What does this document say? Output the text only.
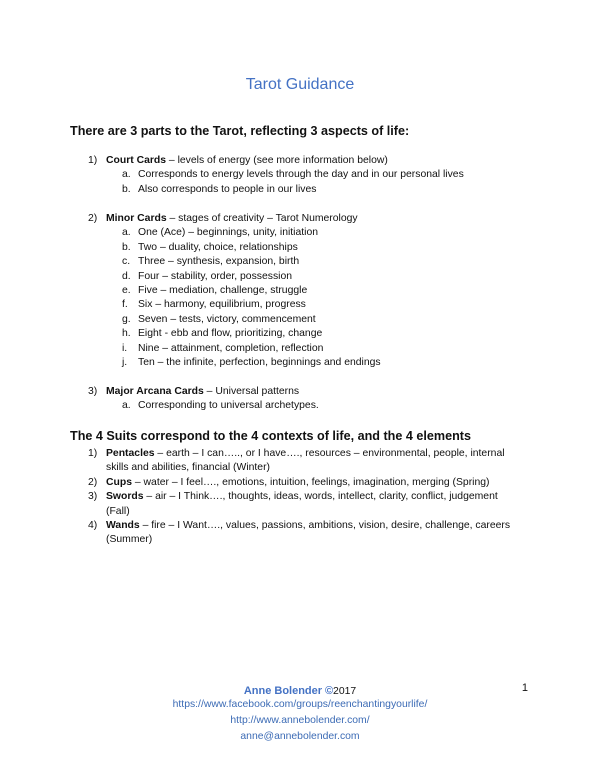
Tarot Guidance
There are 3 parts to the Tarot, reflecting 3 aspects of life:
1) Court Cards – levels of energy (see more information below)
a. Corresponds to energy levels through the day and in our personal lives
b. Also corresponds to people in our lives
2) Minor Cards – stages of creativity – Tarot Numerology
a. One (Ace) – beginnings, unity, initiation
b. Two – duality, choice, relationships
c. Three – synthesis, expansion, birth
d. Four – stability, order, possession
e. Five – mediation, challenge, struggle
f. Six – harmony, equilibrium, progress
g. Seven – tests, victory, commencement
h. Eight - ebb and flow, prioritizing, change
i.	Nine – attainment, completion, reflection
j.	Ten – the infinite, perfection, beginnings and endings
3) Major Arcana Cards – Universal patterns
a. Corresponding to universal archetypes.
The 4 Suits correspond to the 4 contexts of life, and the 4 elements
1) Pentacles – earth – I can….., or I have…., resources – environmental, people, internal skills and abilities, financial (Winter)
2) Cups – water – I feel…., emotions, intuition, feelings, imagination, merging (Spring)
3) Swords – air – I Think…., thoughts, ideas, words, intellect, clarity, conflict, judgement (Fall)
4) Wands – fire – I Want…., values, passions, ambitions, vision, desire, challenge, careers (Summer)
Anne Bolender ©2017
https://www.facebook.com/groups/reenchantingyourlife/
http://www.annebolender.com/
anne@annebolender.com
1
